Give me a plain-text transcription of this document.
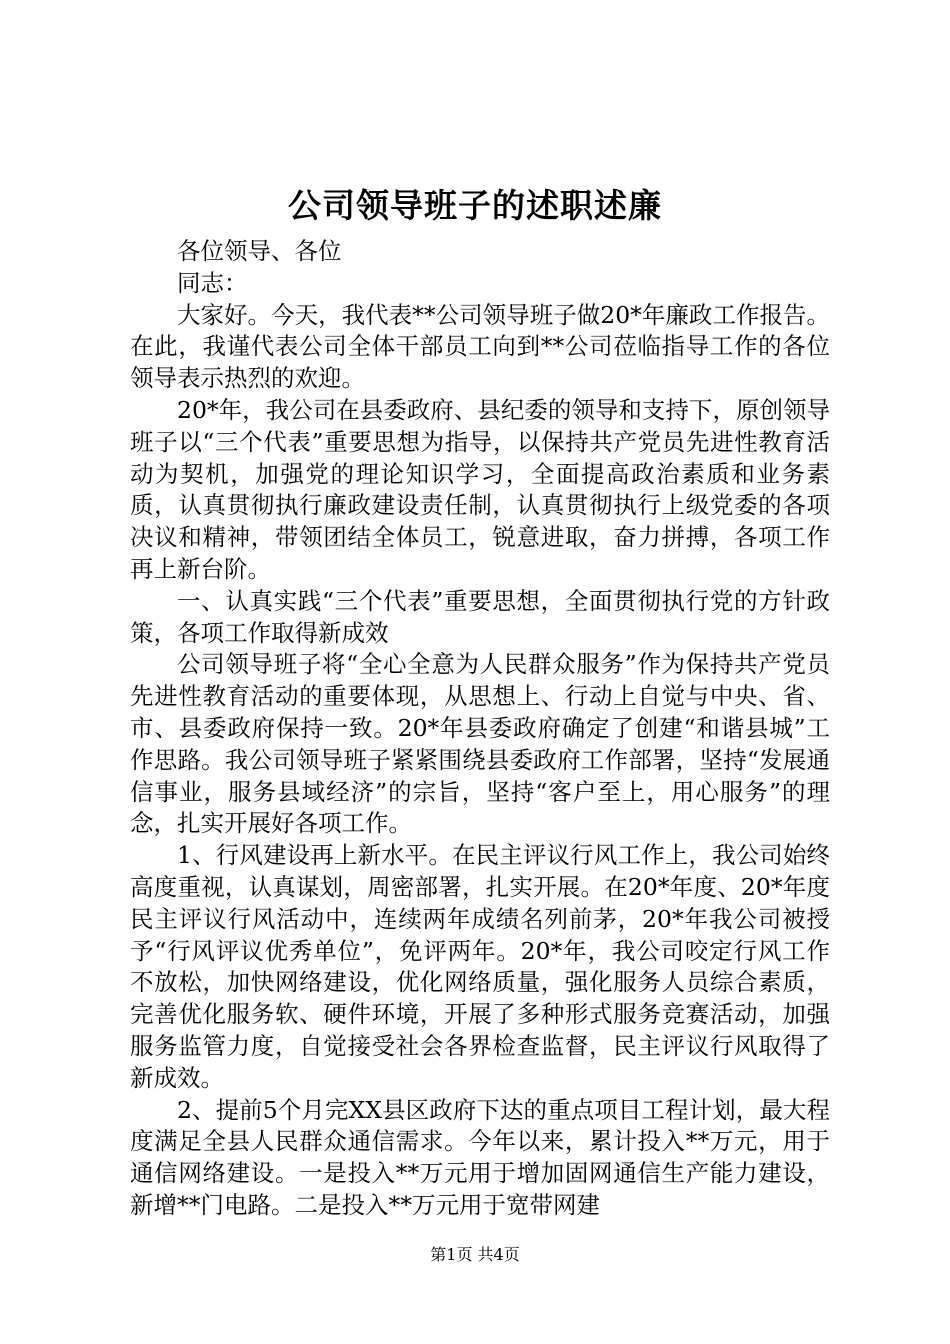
公司领导班子的述职述廉

各位领导、各位

同志：

大家好。今天，我代表**公司领导班子做20*年廉政工作报告。在此，我谨代表公司全体干部员工向到**公司莅临指导工作的各位领导表示热烈的欢迎。

20*年，我公司在县委政府、县纪委的领导和支持下，原创领导班子以“三个代表”重要思想为指导，以保持共产党员先进性教育活动为契机，加强党的理论知识学习，全面提高政治素质和业务素质，认真贯彻执行廉政建设责任制，认真贯彻执行上级党委的各项决议和精神，带领团结全体员工，锐意进取，奋力拼搏，各项工作再上新台阶。

一、认真实践“三个代表”重要思想，全面贯彻执行党的方针政策，各项工作取得新成效

公司领导班子将“全心全意为人民群众服务”作为保持共产党员先进性教育活动的重要体现，从思想上、行动上自觉与中央、省、市、县委政府保持一致。20*年县委政府确定了创建“和谐县城”工作思路。我公司领导班子紧紧围绕县委政府工作部署，坚持“发展通信事业，服务县域经济”的宗旨，坚持“客户至上，用心服务”的理念，扎实开展好各项工作。

1、行风建设再上新水平。在民主评议行风工作上，我公司始终高度重视，认真谋划，周密部署，扎实开展。在20*年度、20*年度民主评议行风活动中，连续两年成绩名列前茅，20*年我公司被授予“行风评议优秀单位”，免评两年。20*年，我公司咬定行风工作不放松，加快网络建设，优化网络质量，强化服务人员综合素质，完善优化服务软、硬件环境，开展了多种形式服务竞赛活动，加强服务监管力度，自觉接受社会各界检查监督，民主评议行风取得了新成效。

2、提前5个月完XX县区政府下达的重点项目工程计划，最大程度满足全县人民群众通信需求。今年以来，累计投入**万元，用于通信网络建设。一是投入**万元用于增加固网通信生产能力建设，新增**门电路。二是投入**万元用于宽带网建

第1页 共4页
